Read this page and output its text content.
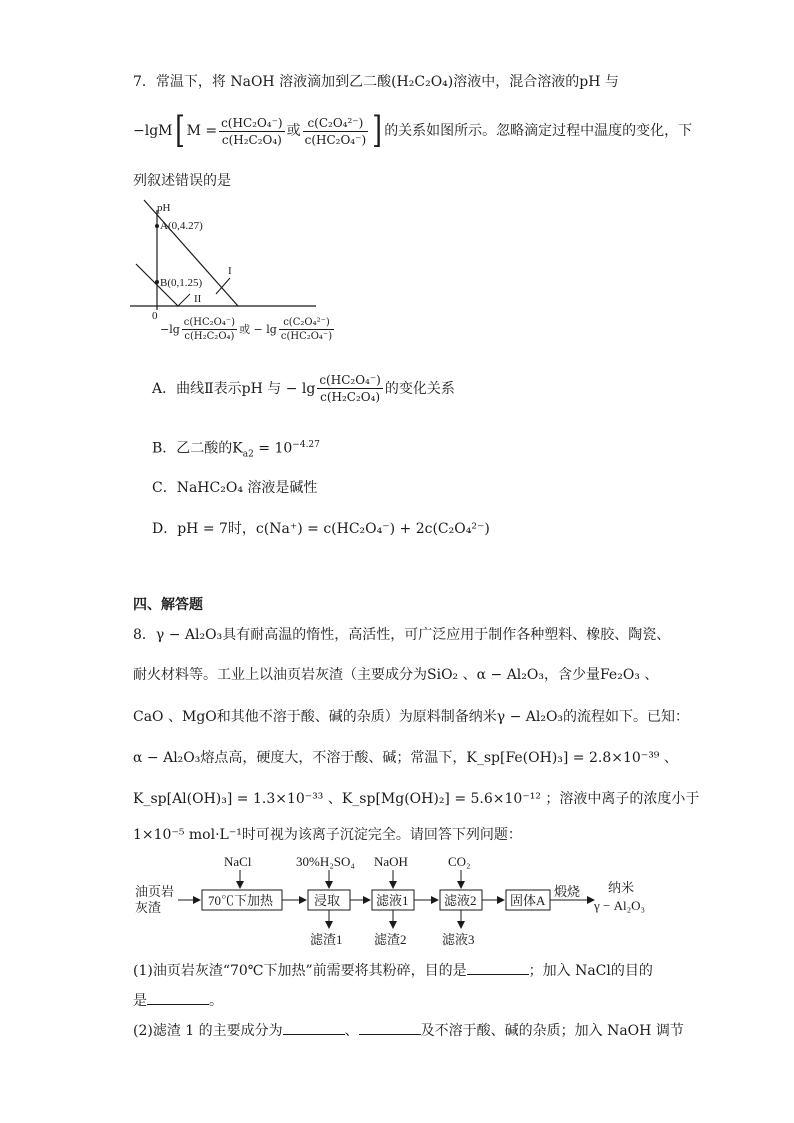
7．常温下，将 NaOH 溶液滴加到乙二酸(H₂C₂O₄)溶液中，混合溶液的pH 与
−lgM [ $M = \frac{\text{c(HC₂O₄⁻)}}{\text{c(H₂C₂O₄)}}$ 或 $\frac{\text{c(C₂O₄²⁻)}}{\text{c(HC₂O₄⁻)}}$ ] 的关系如图所示。忽略滴定过程中温度的变化，下
列叙述错误的是
pH
A(0,4.27)
B(0,1.25)
I
II
0
$-\lg \frac{\text{c(HC₂O₄⁻)}}{\text{c(H₂C₂O₄)}}$ 或 − $\lg \frac{\text{c(C₂O₄²⁻)}}{\text{c(HC₂O₄⁻)}}$
A．曲线Ⅱ表示pH 与 − $\lg \frac{\text{c(HC₂O₄⁻)}}{\text{c(H₂C₂O₄)}}$ 的变化关系
B．乙二酸的$K_{a2} = 10^{-4.27}$
C．NaHC₂O₄ 溶液是碱性
D．pH = 7时，c(Na⁺) = c(HC₂O₄⁻) + 2c(C₂O₄²⁻)
四、解答题
8．γ − Al₂O₃具有耐高温的惰性，高活性，可广泛应用于制作各种塑料、橡胶、陶瓷、
耐火材料等。工业上以油页岩灰渣（主要成分为SiO₂ 、α − Al₂O₃，含少量Fe₂O₃ 、
CaO 、MgO和其他不溶于酸、碱的杂质）为原料制备纳米γ − Al₂O₃的流程如下。已知：
α − Al₂O₃熔点高，硬度大，不溶于酸、碱；常温下，K_sp[Fe(OH)₃] = 2.8×10⁻³⁹ 、
K_sp[Al(OH)₃] = 1.3×10⁻³³ 、K_sp[Mg(OH)₂] = 5.6×10⁻¹² ；溶液中离子的浓度小于
1×10⁻⁵ mol·L⁻¹时可视为该离子沉淀完全。请回答下列问题：
油页岩
灰渣	70℃下加热	浸取	滤液1	滤液2	固体A
煅烧 纳米
γ − Al₂O₃
NaCl	30%H₂SO₄ NaOH	CO₂
滤渣1 滤渣2	滤液3
(1)油页岩灰渣“70℃下加热”前需要将其粉碎，目的是	；加入 NaCl的目的
是	。
(2)滤渣 1 的主要成分为	、	及不溶于酸、碱的杂质；加入 NaOH 调节
